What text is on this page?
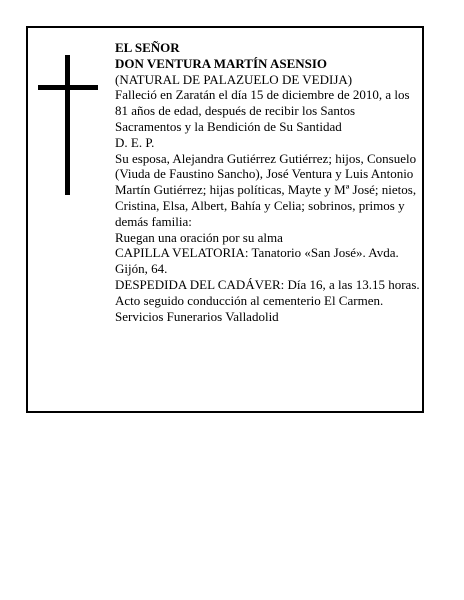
EL SEÑOR

DON VENTURA MARTÍN ASENSIO

(NATURAL DE PALAZUELO DE VEDIJA)

Falleció en Zaratán el día 15 de diciembre de 2010, a los 81 años de edad, después de recibir los Santos Sacramentos y la Bendición de Su Santidad

D. E. P.

Su esposa, Alejandra Gutiérrez Gutiérrez; hijos, Consuelo (Viuda de Faustino Sancho), José Ventura y Luis Antonio Martín Gutiérrez; hijas políticas, Mayte y Mª José; nietos, Cristina, Elsa, Albert, Bahía y Celia; sobrinos, primos y demás familia:

Ruegan una oración por su alma

CAPILLA VELATORIA: Tanatorio «San José». Avda. Gijón, 64.

DESPEDIDA DEL CADÁVER: Día 16, a las 13.15 horas. Acto seguido conducción al cementerio El Carmen.

Servicios Funerarios Valladolid
